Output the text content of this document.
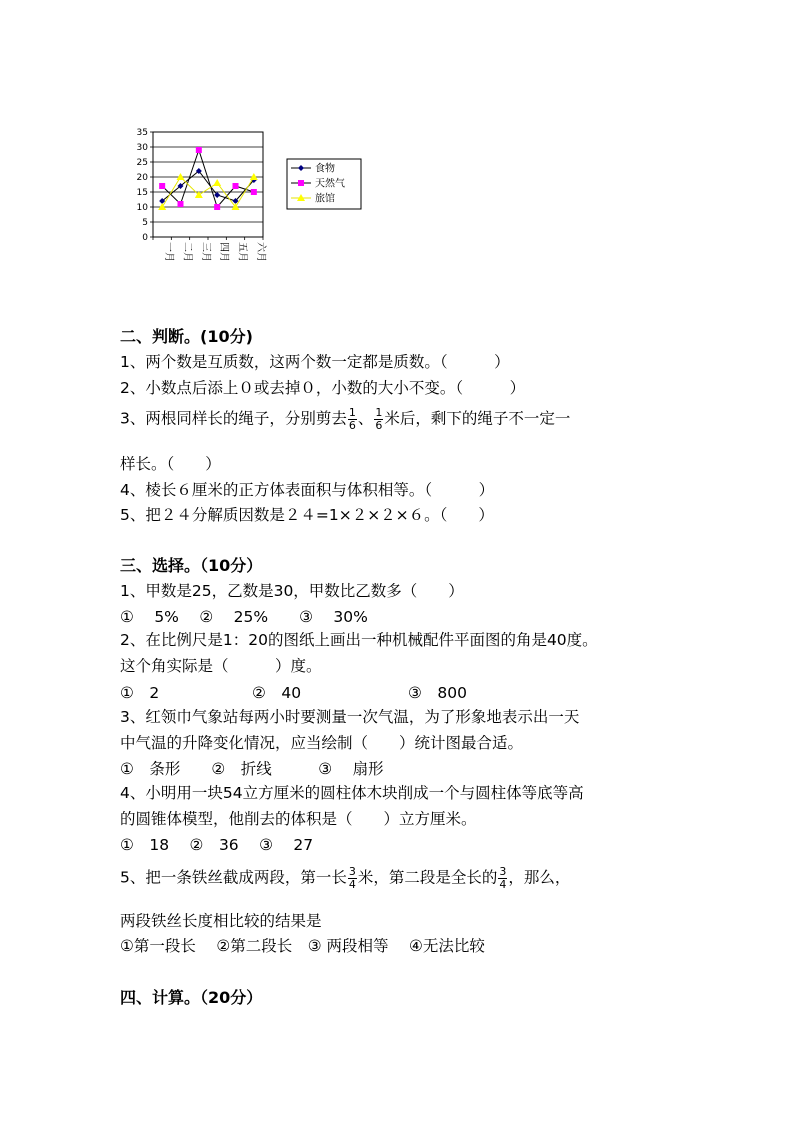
0
5
10
15
20
25
30
35
一月 二月 三月 四月 五月 六月
食物
天然气
旅馆
二、判断。(10分)
1、两个数是互质数，这两个数一定都是质数。（　　　）
2、小数点后添上０或去掉０，小数的大小不变。（　　　）
3、两根同样长的绳子，分别剪去 $\frac{1}{6}$ 、 $\frac{1}{6}$ 米后，剩下的绳子不一定一
样长。（　　）
4、棱长６厘米的正方体表面积与体积相等。（　　　）
5、把２４分解质因数是２４=1×２×２×６。（　　）
三、选择。（10分）
1、甲数是25，乙数是30，甲数比乙数多（　　）
①　 5%　 ②　 25%　　③　 30%
2、在比例尺是1：20的图纸上画出一种机械配件平面图的角是40度。
这个角实际是（　　　）度。
①　2	②　40	③　800
3、红领巾气象站每两小时要测量一次气温，为了形象地表示出一天
中气温的升降变化情况，应当绘制（　　）统计图最合适。
①　条形　　②　折线　　　③　 扇形
4、小明用一块54立方厘米的圆柱体木块削成一个与圆柱体等底等高
的圆锥体模型，他削去的体积是（　　）立方厘米。
①　18　 ②　36　 ③　 27
5、把一条铁丝截成两段，第一长 $\frac{3}{4}$ 米，第二段是全长的 $\frac{3}{4}$ ，那么，
两段铁丝长度相比较的结果是
①第一段长　 ②第二段长　③ 两段相等　 ④无法比较
四、计算。（20分）
